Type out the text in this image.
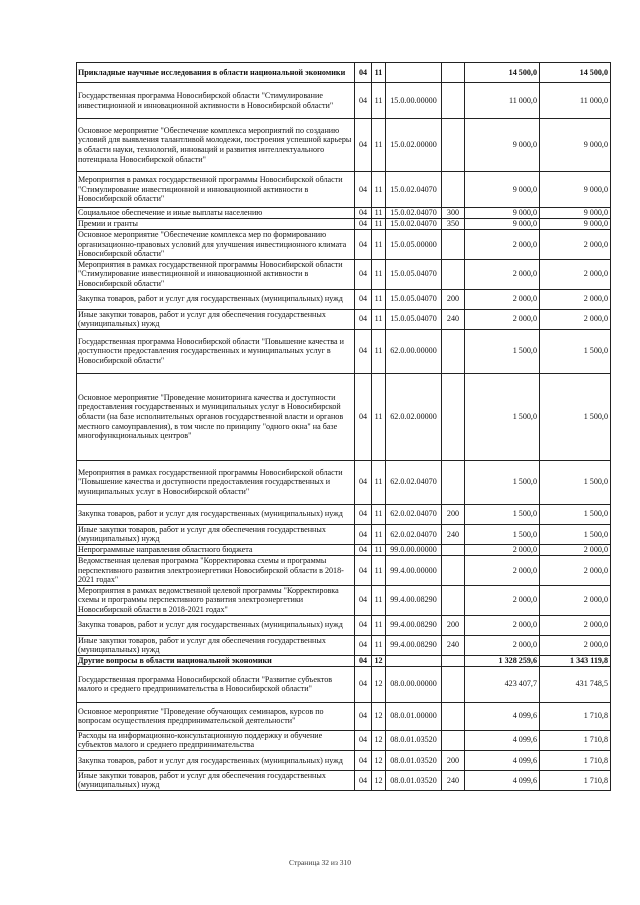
Прикладные научные исследования в области национальной экономики	04	11			14 500,0	14 500,0
Государственная программа Новосибирской области "Стимулирование инвестиционной и инновационной активности в Новосибирской области"	04	11	15.0.00.00000		11 000,0	11 000,0
Основное мероприятие "Обеспечение комплекса мероприятий по созданию условий для выявления талантливой молодежи, построения успешной карьеры в области науки, технологий, инноваций и развития интеллектуального потенциала Новосибирской области"	04	11	15.0.02.00000		9 000,0	9 000,0
Мероприятия в рамках государственной программы Новосибирской области "Стимулирование инвестиционной и инновационной активности в Новосибирской области"	04	11	15.0.02.04070		9 000,0	9 000,0
Социальное обеспечение и иные выплаты населению	04	11	15.0.02.04070	300	9 000,0	9 000,0
Премии и гранты	04	11	15.0.02.04070	350	9 000,0	9 000,0
Основное мероприятие "Обеспечение комплекса мер по формированию организационно-правовых условий для улучшения инвестиционного климата Новосибирской области"	04	11	15.0.05.00000		2 000,0	2 000,0
Мероприятия в рамках государственной программы Новосибирской области "Стимулирование инвестиционной и инновационной активности в Новосибирской области"	04	11	15.0.05.04070		2 000,0	2 000,0
Закупка товаров, работ и услуг для государственных (муниципальных) нужд	04	11	15.0.05.04070	200	2 000,0	2 000,0
Иные закупки товаров, работ и услуг для обеспечения государственных (муниципальных) нужд	04	11	15.0.05.04070	240	2 000,0	2 000,0
Государственная программа Новосибирской области "Повышение качества и доступности предоставления государственных и муниципальных услуг в Новосибирской области"	04	11	62.0.00.00000		1 500,0	1 500,0
Основное мероприятие "Проведение мониторинга качества и доступности предоставления государственных и муниципальных услуг в Новосибирской области (на базе исполнительных органов государственной власти и органов местного самоуправления), в том числе по принципу "одного окна" на базе многофункциональных центров"	04	11	62.0.02.00000		1 500,0	1 500,0
Мероприятия в рамках государственной программы Новосибирской области "Повышение качества и доступности предоставления государственных и муниципальных услуг в Новосибирской области"	04	11	62.0.02.04070		1 500,0	1 500,0
Закупка товаров, работ и услуг для государственных (муниципальных) нужд	04	11	62.0.02.04070	200	1 500,0	1 500,0
Иные закупки товаров, работ и услуг для обеспечения государственных (муниципальных) нужд	04	11	62.0.02.04070	240	1 500,0	1 500,0
Непрограммные направления областного бюджета	04	11	99.0.00.00000		2 000,0	2 000,0
Ведомственная целевая программа "Корректировка схемы и программы перспективного развития электроэнергетики Новосибирской области в 2018-2021 годах"	04	11	99.4.00.00000		2 000,0	2 000,0
Мероприятия в рамках ведомственной целевой программы "Корректировка схемы и программы перспективного развития электроэнергетики Новосибирской области в 2018-2021 годах"	04	11	99.4.00.08290		2 000,0	2 000,0
Закупка товаров, работ и услуг для государственных (муниципальных) нужд	04	11	99.4.00.08290	200	2 000,0	2 000,0
Иные закупки товаров, работ и услуг для обеспечения государственных (муниципальных) нужд	04	11	99.4.00.08290	240	2 000,0	2 000,0
Другие вопросы в области национальной экономики	04	12			1 328 259,6	1 343 119,8
Государственная программа Новосибирской области "Развитие субъектов малого и среднего предпринимательства в Новосибирской области"	04	12	08.0.00.00000		423 407,7	431 748,5
Основное мероприятие "Проведение обучающих семинаров, курсов по вопросам осуществления предпринимательской деятельности"	04	12	08.0.01.00000		4 099,6	1 710,8
Расходы на информационно-консультационную поддержку и обучение субъектов малого и среднего предпринимательства	04	12	08.0.01.03520		4 099,6	1 710,8
Закупка товаров, работ и услуг для государственных (муниципальных) нужд	04	12	08.0.01.03520	200	4 099,6	1 710,8
Иные закупки товаров, работ и услуг для обеспечения государственных (муниципальных) нужд	04	12	08.0.01.03520	240	4 099,6	1 710,8
Страница 32 из 310
